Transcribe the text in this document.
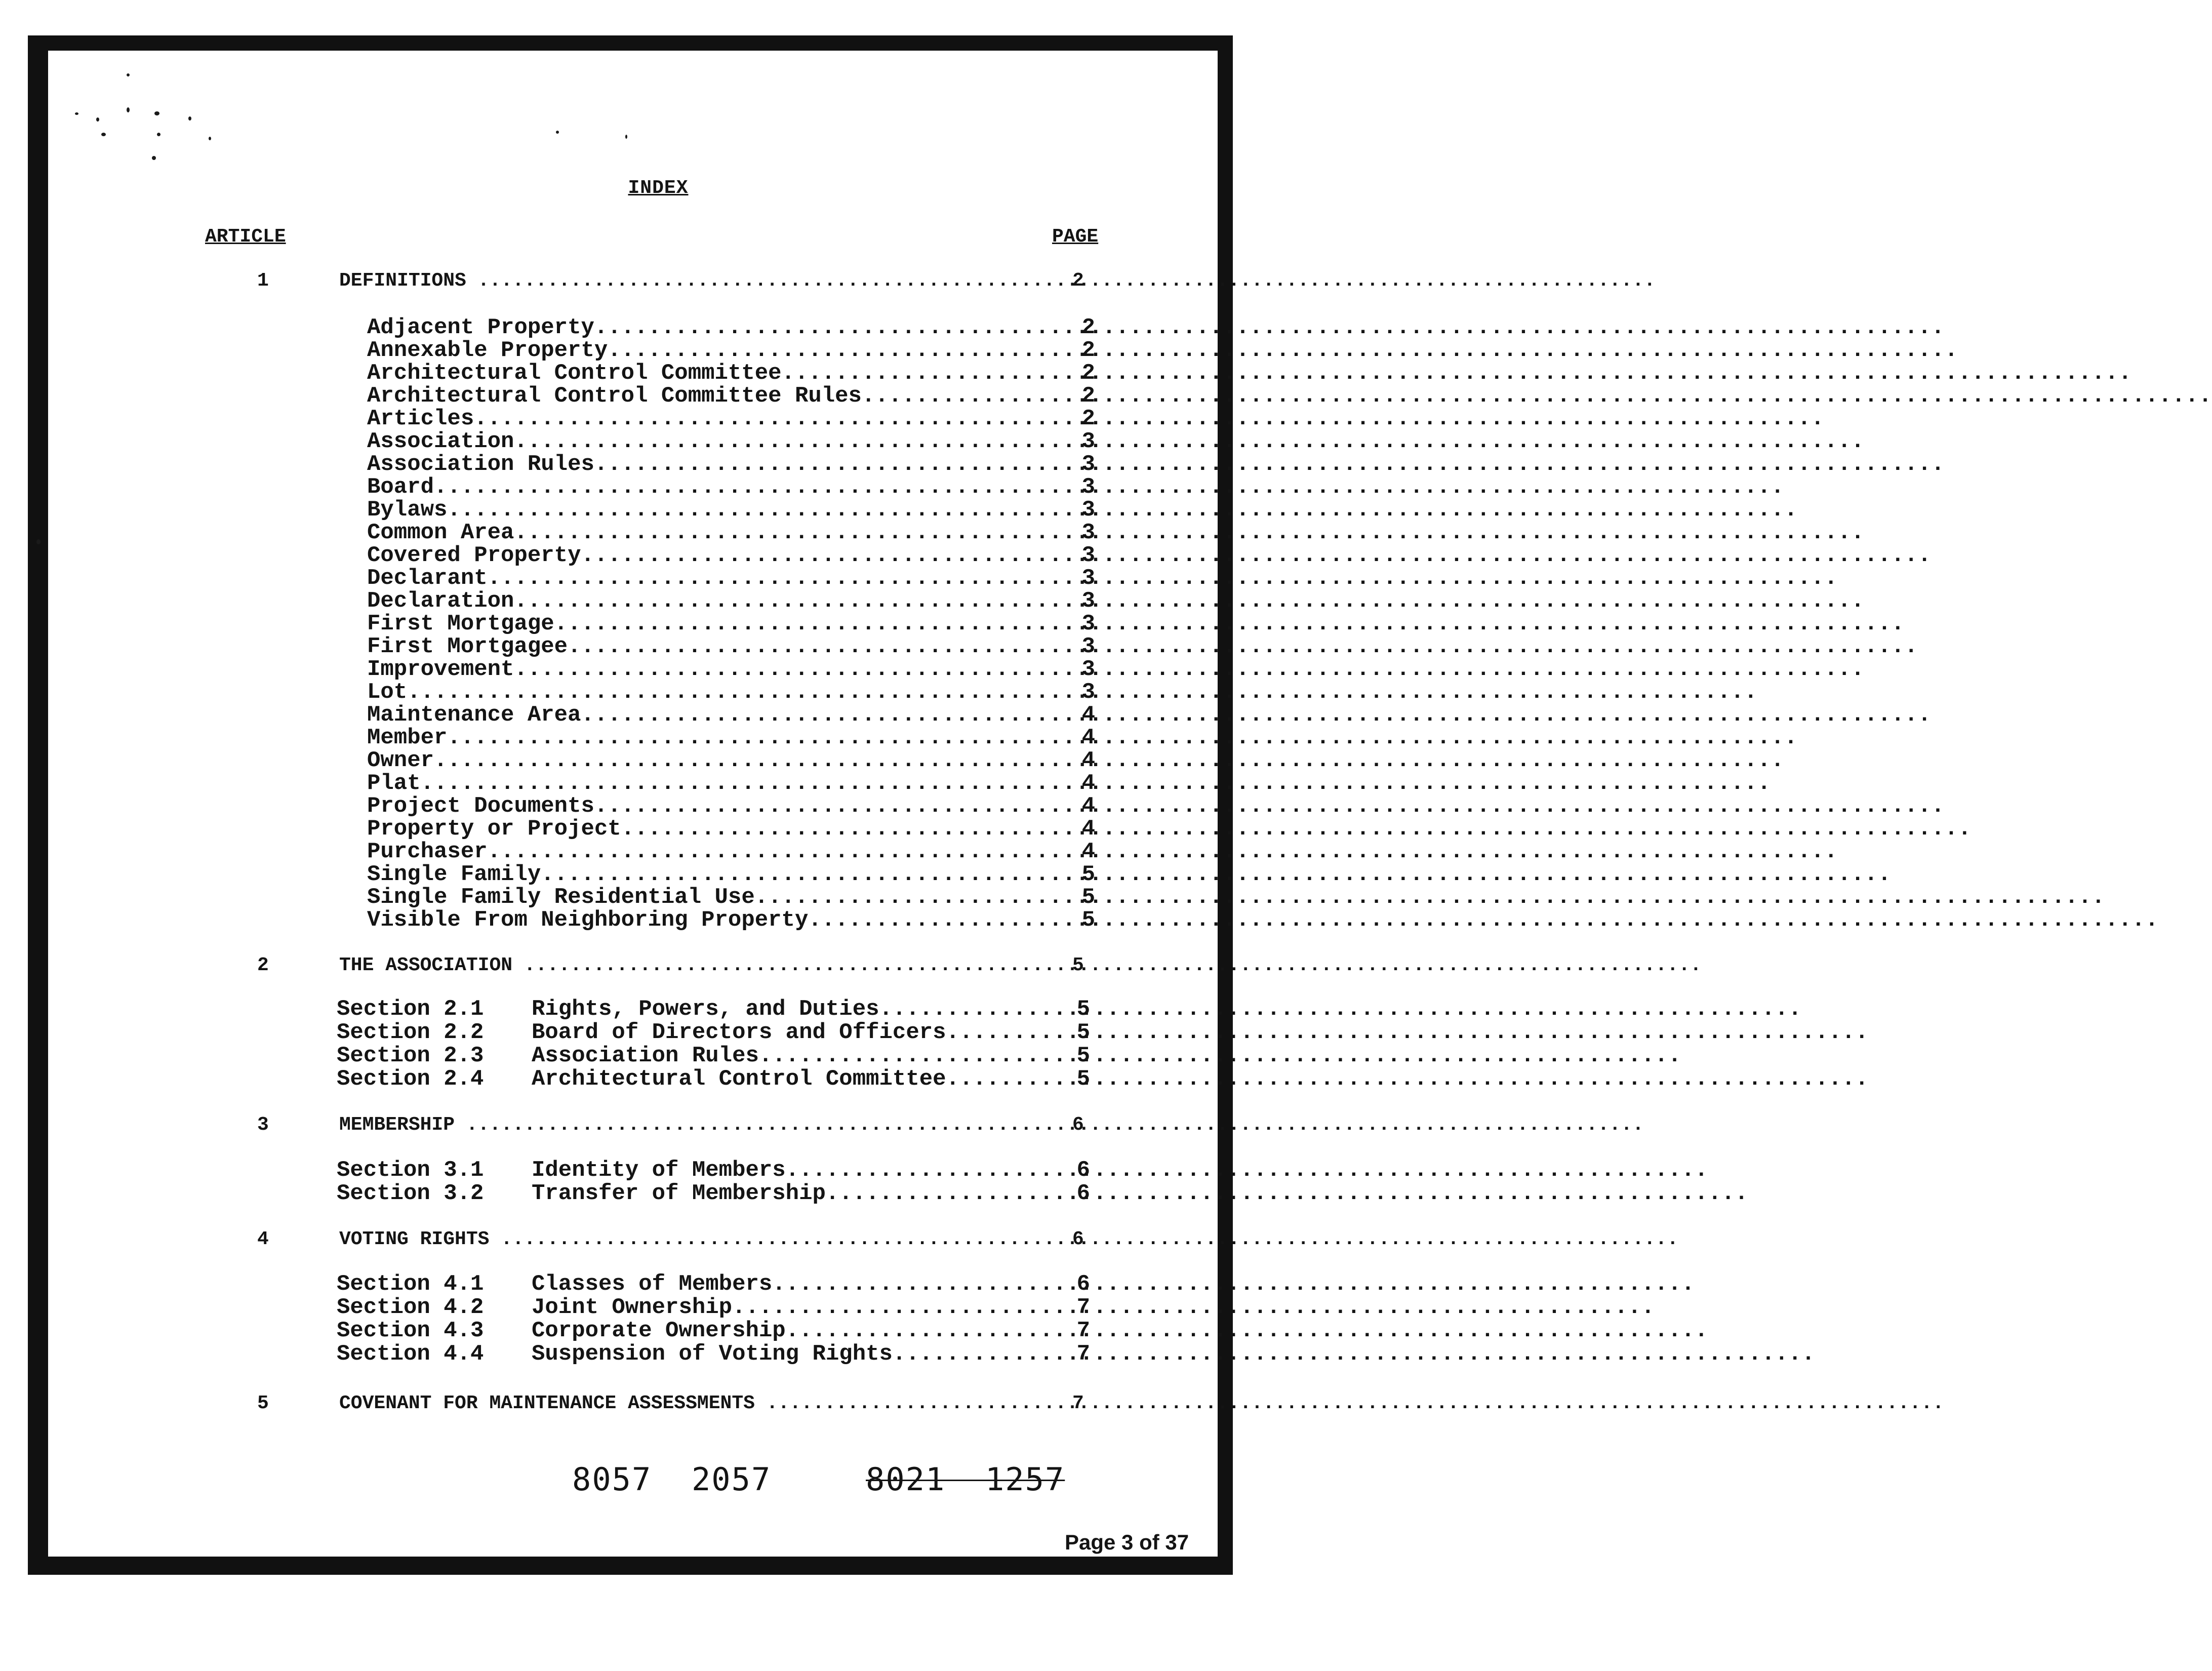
INDEX
ARTICLE	PAGE
1	DEFINITIONS .....	2
Adjacent Property .....	2
Annexable Property .....	2
Architectural Control Committee .....	2
Architectural Control Committee Rules .....	2
Articles .....	2
Association .....	3
Association Rules .....	3
Board .....	3
Bylaws .....	3
Common Area .....	3
Covered Property .....	3
Declarant .....	3
Declaration .....	3
First Mortgage .....	3
First Mortgagee .....	3
Improvement .....	3
Lot .....	3
Maintenance Area .....	4
Member .....	4
Owner .....	4
Plat .....	4
Project Documents .....	4
Property or Project .....	4
Purchaser .....	4
Single Family .....	5
Single Family Residential Use .....	5
Visible From Neighboring Property .....	5
2	THE ASSOCIATION .....	5
Section 2.1 Rights, Powers, and Duties .....	5
Section 2.2 Board of Directors and Officers .....	5
Section 2.3 Association Rules .....	5
Section 2.4 Architectural Control Committee .....	5
3	MEMBERSHIP .....	6
Section 3.1 Identity of Members .....	6
Section 3.2 Transfer of Membership .....	6
4	VOTING RIGHTS .....	6
Section 4.1 Classes of Members .....	6
Section 4.2 Joint Ownership .....	7
Section 4.3 Corporate Ownership .....	7
Section 4.4 Suspension of Voting Rights .....	7
5	COVENANT FOR MAINTENANCE ASSESSMENTS .....	7
8057  2057	8021  1257
Page 3 of 37
